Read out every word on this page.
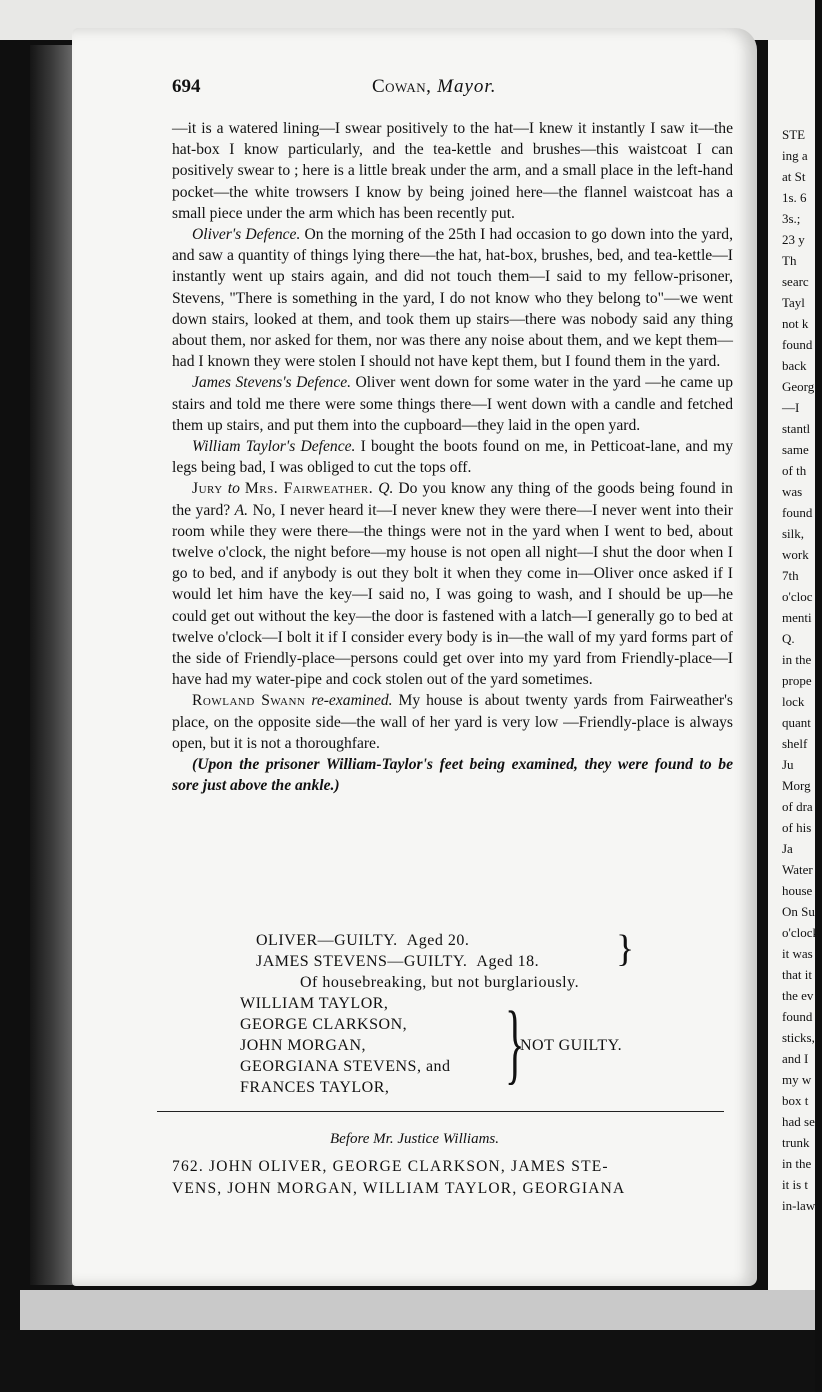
694	Cowan, Mayor.

—it is a watered lining—I swear positively to the hat—I knew it instantly I saw it—the hat-box I know particularly, and the tea-kettle and brushes—this waistcoat I can positively swear to ; here is a little break under the arm, and a small place in the left-hand pocket—the white trowsers I know by being joined here—the flannel waistcoat has a small piece under the arm which has been recently put.

Oliver's Defence. On the morning of the 25th I had occasion to go down into the yard, and saw a quantity of things lying there—the hat, hat-box, brushes, bed, and tea-kettle—I instantly went up stairs again, and did not touch them—I said to my fellow-prisoner, Stevens, "There is something in the yard, I do not know who they belong to"—we went down stairs, looked at them, and took them up stairs—there was nobody said any thing about them, nor asked for them, nor was there any noise about them, and we kept them—had I known they were stolen I should not have kept them, but I found them in the yard.

James Stevens's Defence. Oliver went down for some water in the yard —he came up stairs and told me there were some things there—I went down with a candle and fetched them up stairs, and put them into the cupboard—they laid in the open yard.

William Taylor's Defence. I bought the boots found on me, in Petticoat-lane, and my legs being bad, I was obliged to cut the tops off.

Jury to Mrs. Fairweather. Q. Do you know any thing of the goods being found in the yard? A. No, I never heard it—I never knew they were there—I never went into their room while they were there—the things were not in the yard when I went to bed, about twelve o'clock, the night before—my house is not open all night—I shut the door when I go to bed, and if anybody is out they bolt it when they come in—Oliver once asked if I would let him have the key—I said no, I was going to wash, and I should be up—he could get out without the key—the door is fastened with a latch—I generally go to bed at twelve o'clock—I bolt it if I consider every body is in—the wall of my yard forms part of the side of Friendly-place—persons could get over into my yard from Friendly-place—I have had my water-pipe and cock stolen out of the yard sometimes.

Rowland Swann re-examined. My house is about twenty yards from Fairweather's place, on the opposite side—the wall of her yard is very low —Friendly-place is always open, but it is not a thoroughfare.

(Upon the prisoner William-Taylor's feet being examined, they were found to be sore just above the ankle.)

OLIVER—GUILTY. Aged 20.
JAMES STEVENS—GUILTY. Aged 18. }
Of housebreaking, but not burglariously.
WILLIAM TAYLOR,
GEORGE CLARKSON,
JOHN MORGAN,
GEORGIANA STEVENS, and
FRANCES TAYLOR, }
NOT GUILTY.
Before Mr. Justice Williams.
762. JOHN OLIVER, GEORGE CLARKSON, JAMES STE-
VENS, JOHN MORGAN, WILLIAM TAYLOR, GEORGIANA
STE
ing a
at St
1s. 6
3s.;
23 y
Th
searc
Tayl
not k
found
back
Georg
—I
stantl
same
of th
was
found
silk,
work
7th
o'cloc
menti
Q.
in the
prope
lock
quant
shelf
Ju
Morg
of dra
of his
Ja
Water
house
On Su
o'clock
it was
that it
the ev
found
sticks,
and I
my w
box t
had se
trunk
in the
it is t
in-law
